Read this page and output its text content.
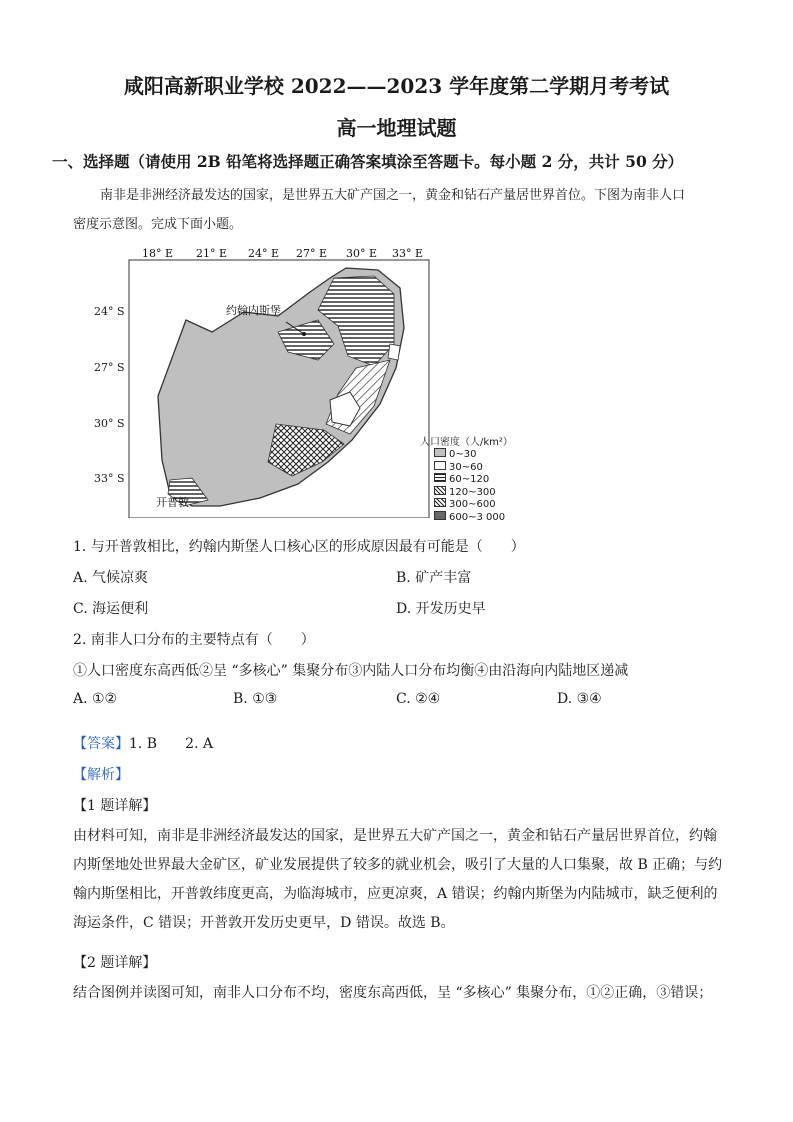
咸阳高新职业学校 2022——2023 学年度第二学期月考考试
高一地理试题
一、选择题（请使用 2B 铅笔将选择题正确答案填涂至答题卡。每小题 2 分，共计 50 分）
南非是非洲经济最发达的国家，是世界五大矿产国之一，黄金和钻石产量居世界首位。下图为南非人口
密度示意图。完成下面小题。
约翰内斯堡
开普敦
18° E 21° E 24° E 27° E 30° E 33° E
24° S
27° S
30° S
33° S
人口密度（人/km²）
0~30
30~60
60~120
120~300
300~600
600~3 000
1. 与开普敦相比，约翰内斯堡人口核心区的形成原因最有可能是（　　）
A. 气候凉爽	B. 矿产丰富
C. 海运便利	D. 开发历史早
2. 南非人口分布的主要特点有（　　）
①人口密度东高西低②呈 “多核心” 集聚分布③内陆人口分布均衡④由沿海向内陆地区递减
A. ①②	B. ①③	C. ②④	D. ③④
【答案】1. B　　2. A
【解析】
【1 题详解】
由材料可知，南非是非洲经济最发达的国家，是世界五大矿产国之一，黄金和钻石产量居世界首位，约翰内斯堡地处世界最大金矿区，矿业发展提供了较多的就业机会，吸引了大量的人口集聚，故 B 正确；与约翰内斯堡相比，开普敦纬度更高，为临海城市，应更凉爽，A 错误；约翰内斯堡为内陆城市，缺乏便利的海运条件，C 错误；开普敦开发历史更早，D 错误。故选 B。
【2 题详解】
结合图例并读图可知，南非人口分布不均，密度东高西低，呈 “多核心” 集聚分布，①②正确，③错误；
